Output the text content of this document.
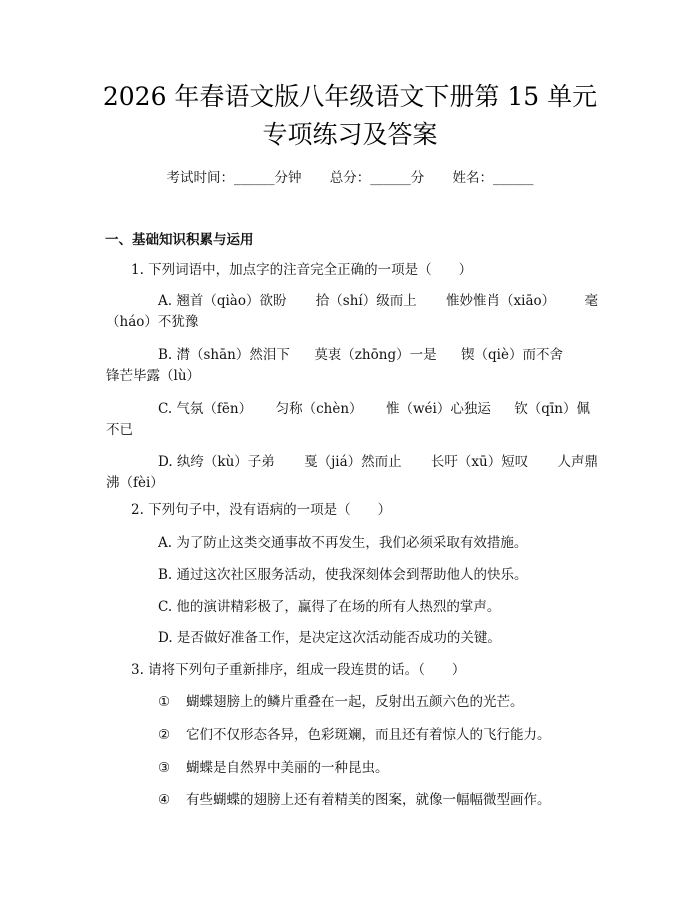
2026 年春语文版八年级语文下册第 15 单元
专项练习及答案
考试时间：______分钟 总分：______分 姓名：______
一、基础知识积累与运用
1. 下列词语中，加点字的注音完全正确的一项是（　　）
A. 翘首（qiào）欲盼 拾（shí）级而上 惟妙惟肖（xiāo） 毫
（háo）不犹豫
B. 潸（shān）然泪下 莫衷（zhōng）一是 锲（qiè）而不舍
锋芒毕露（lù）
C. 气氛（fēn） 匀称（chèn） 惟（wéi）心独运 钦（qīn）佩
不已
D. 纨绔（kù）子弟 戛（jiá）然而止 长吁（xū）短叹 人声鼎
沸（fèi）
2. 下列句子中，没有语病的一项是（　　）
A. 为了防止这类交通事故不再发生，我们必须采取有效措施。
B. 通过这次社区服务活动，使我深刻体会到帮助他人的快乐。
C. 他的演讲精彩极了，赢得了在场的所有人热烈的掌声。
D. 是否做好准备工作，是决定这次活动能否成功的关键。
3. 请将下列句子重新排序，组成一段连贯的话。（　　）
① 蝴蝶翅膀上的鳞片重叠在一起，反射出五颜六色的光芒。
② 它们不仅形态各异，色彩斑斓，而且还有着惊人的飞行能力。
③ 蝴蝶是自然界中美丽的一种昆虫。
④ 有些蝴蝶的翅膀上还有着精美的图案，就像一幅幅微型画作。
